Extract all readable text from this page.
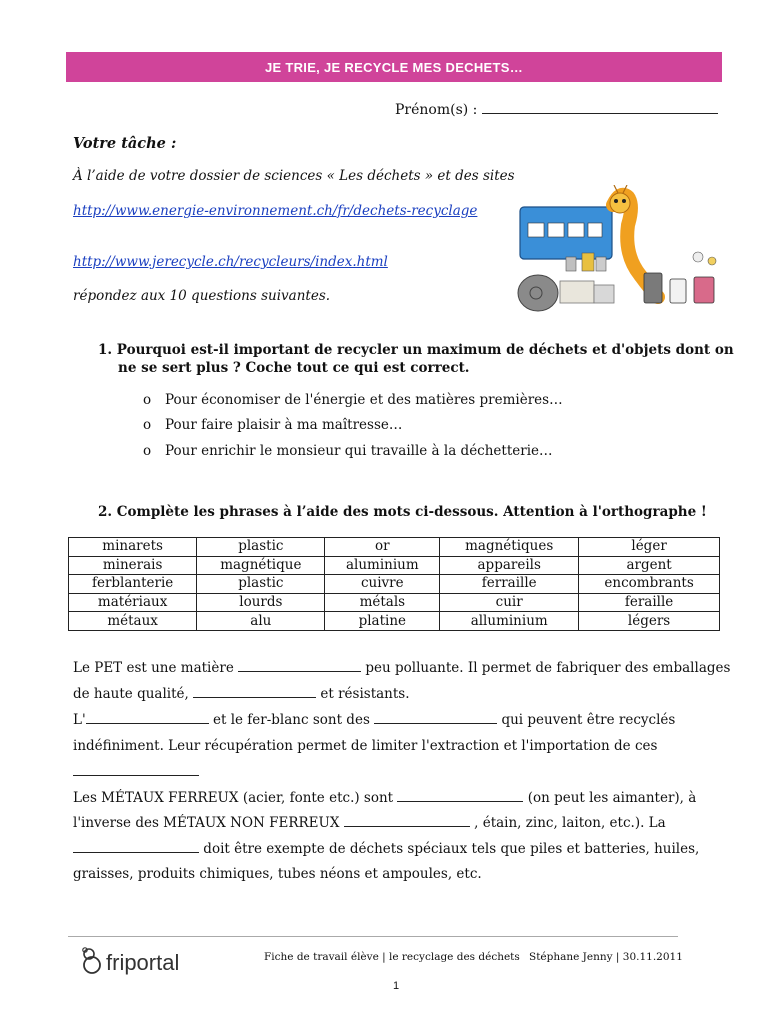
JE TRIE, JE RECYCLE MES DECHETS…
Prénom(s) :
Votre tâche :
À l’aide de votre dossier de sciences « Les déchets » et des sites
http://www.energie-environnement.ch/fr/dechets-recyclage
http://www.jerecycle.ch/recycleurs/index.html
répondez aux 10 questions suivantes.
1. Pourquoi est-il important de recycler un maximum de déchets et d'objets dont on
ne se sert plus ? Coche tout ce qui est correct.
o Pour économiser de l'énergie et des matières premières…
o Pour faire plaisir à ma maîtresse…
o Pour enrichir le monsieur qui travaille à la déchetterie…
2. Complète les phrases à l’aide des mots ci-dessous. Attention à l'orthographe !
minarets	plastic	or	magnétiques	léger
minerais	magnétique	aluminium	appareils	argent
ferblanterie	plastic	cuivre	ferraille	encombrants
matériaux	lourds	métals	cuir	feraille
métaux	alu	platine	alluminium	légers
Le PET est une matière	peu polluante. Il permet de fabriquer des emballages
de haute qualité,	et résistants.
L'	et le fer-blanc sont des	qui peuvent être recyclés
indéfiniment. Leur récupération permet de limiter l'extraction et l'importation de ces
Les MÉTAUX FERREUX (acier, fonte etc.) sont	(on peut les aimanter), à
l'inverse des MÉTAUX NON FERREUX	, étain, zinc, laiton, etc.). La
doit être exempte de déchets spéciaux tels que piles et batteries, huiles,
graisses, produits chimiques, tubes néons et ampoules, etc.
friportal	Fiche de travail élève | le recyclage des déchets Stéphane Jenny | 30.11.2011
1
